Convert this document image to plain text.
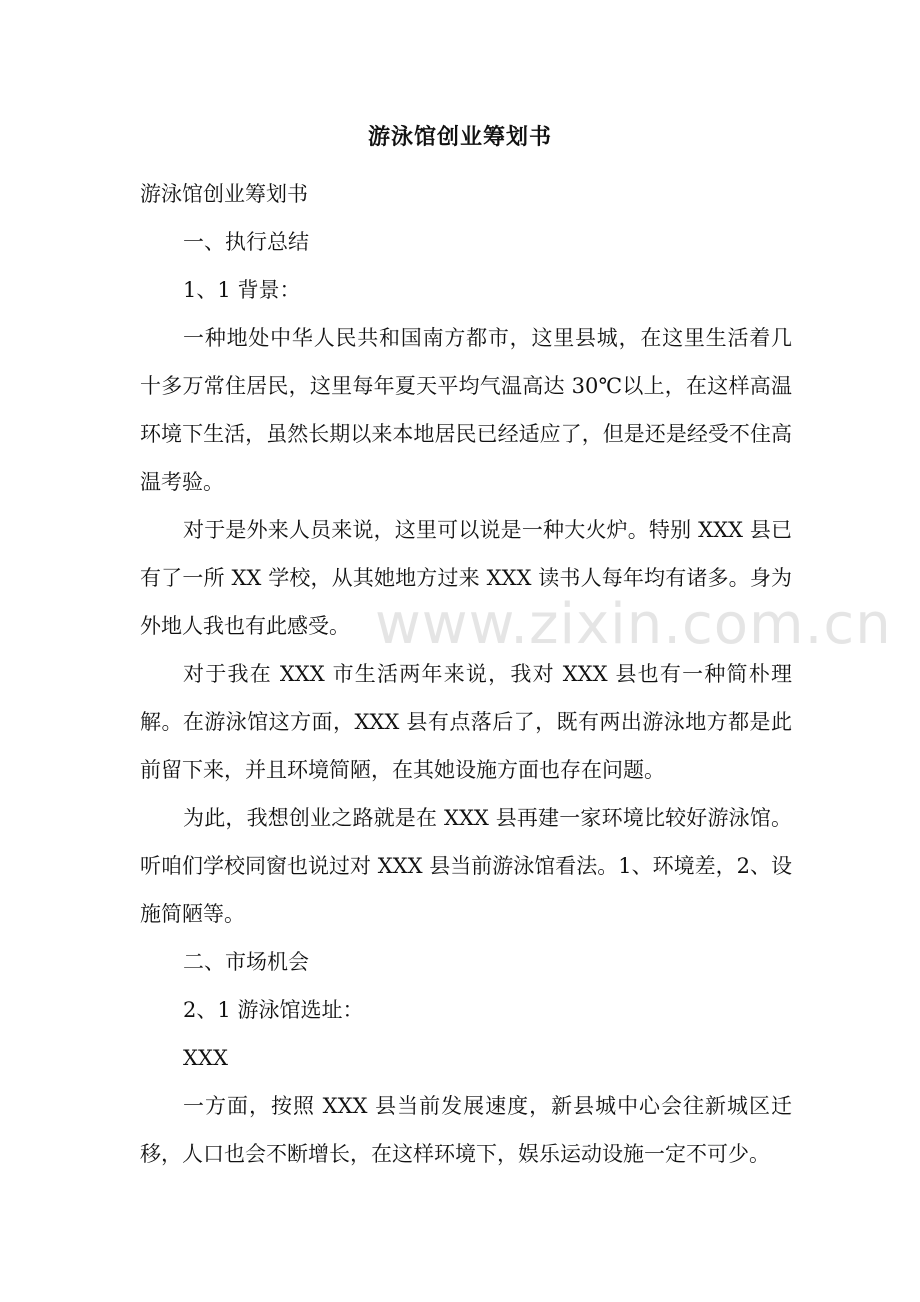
游泳馆创业筹划书

游泳馆创业筹划书

一、执行总结

1、1 背景：

一种地处中华人民共和国南方都市，这里县城，在这里生活着几十多万常住居民，这里每年夏天平均气温高达 30℃以上，在这样高温环境下生活，虽然长期以来本地居民已经适应了，但是还是经受不住高温考验。

对于是外来人员来说，这里可以说是一种大火炉。特别 XXX 县已有了一所 XX 学校，从其她地方过来 XXX 读书人每年均有诸多。身为外地人我也有此感受。

对于我在 XXX 市生活两年来说，我对 XXX 县也有一种简朴理解。在游泳馆这方面，XXX 县有点落后了，既有两出游泳地方都是此前留下来，并且环境简陋，在其她设施方面也存在问题。

为此，我想创业之路就是在 XXX 县再建一家环境比较好游泳馆。听咱们学校同窗也说过对 XXX 县当前游泳馆看法。1、环境差，2、设施简陋等。

二、市场机会

2、1 游泳馆选址：

XXX

一方面，按照 XXX 县当前发展速度，新县城中心会往新城区迁移，人口也会不断增长，在这样环境下，娱乐运动设施一定不可少。

www.zixin.com.cn
